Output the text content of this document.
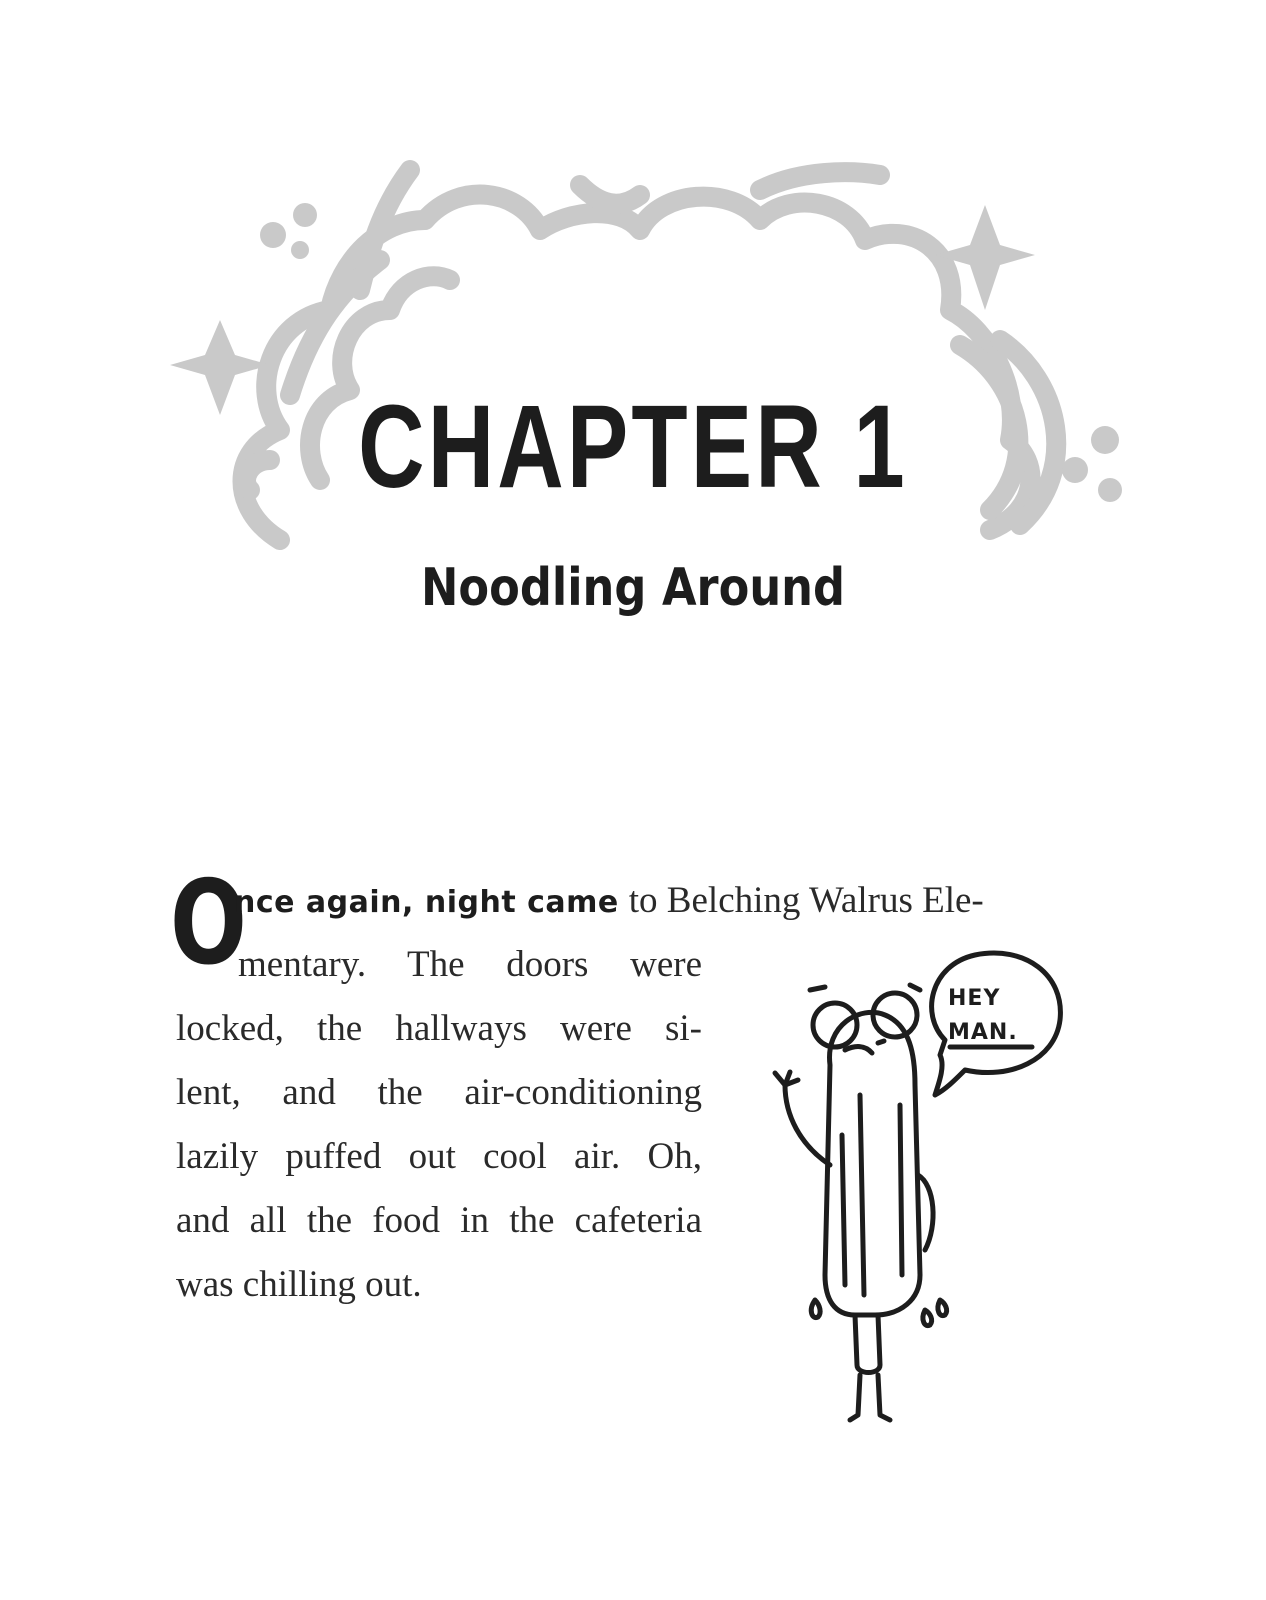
CHAPTER 1
Noodling Around
O
nce again, night came to Belching Walrus Ele-
mentary. The doors were
locked, the hallways were si-
lent, and the air-conditioning
lazily puffed out cool air. Oh,
and all the food in the cafeteria
was chilling out.
HEY
MAN.
